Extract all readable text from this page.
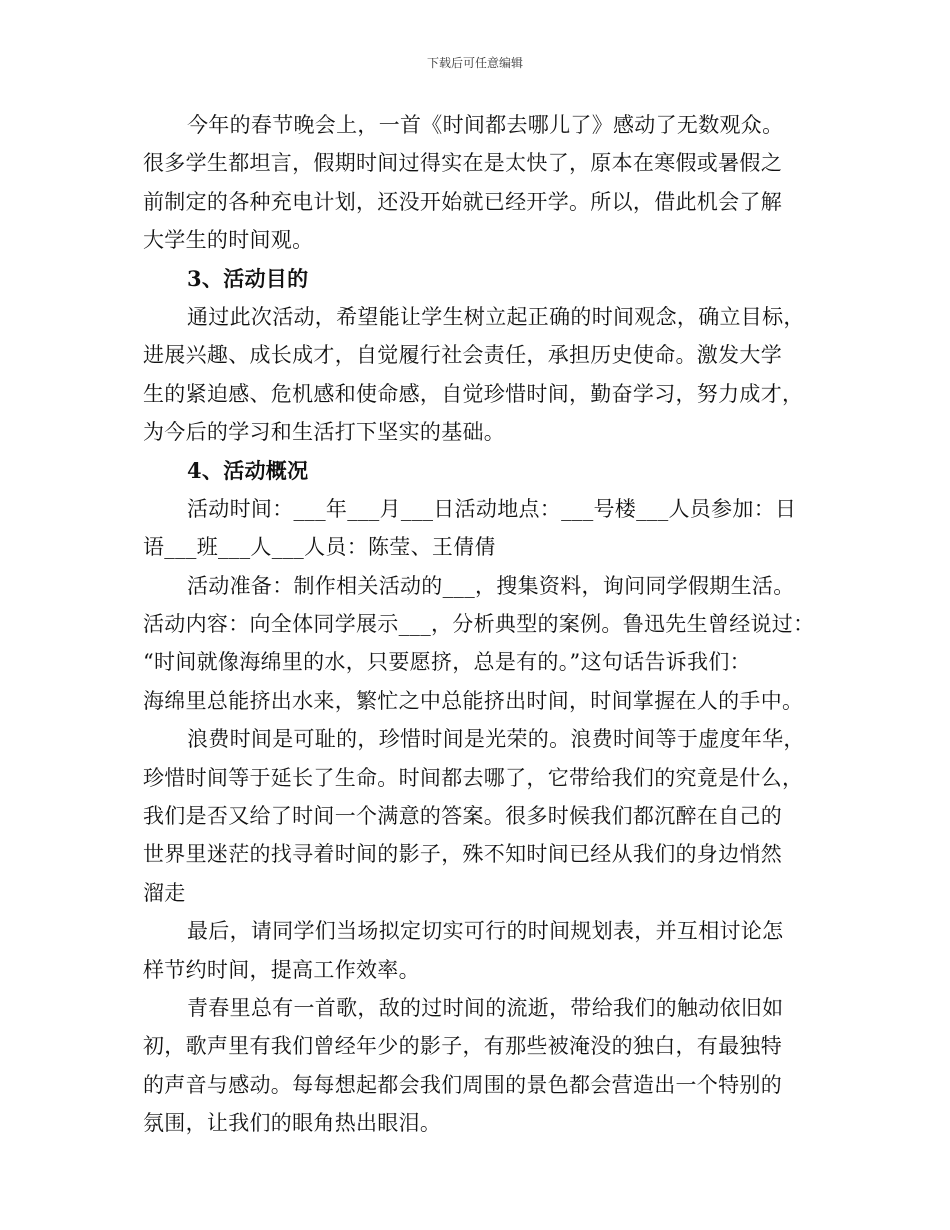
下载后可任意编辑
今年的春节晚会上，一首《时间都去哪儿了》感动了无数观众。
很多学生都坦言，假期时间过得实在是太快了，原本在寒假或暑假之
前制定的各种充电计划，还没开始就已经开学。所以，借此机会了解
大学生的时间观。
3、活动目的
通过此次活动，希望能让学生树立起正确的时间观念，确立目标，
进展兴趣、成长成才，自觉履行社会责任，承担历史使命。激发大学
生的紧迫感、危机感和使命感，自觉珍惜时间，勤奋学习，努力成才，
为今后的学习和生活打下坚实的基础。
4、活动概况
活动时间：___年___月___日活动地点：___号楼___人员参加：日
语___班___人___人员：陈莹、王倩倩
活动准备：制作相关活动的___，搜集资料，询问同学假期生活。
活动内容：向全体同学展示___，分析典型的案例。鲁迅先生曾经说过：
“时间就像海绵里的水，只要愿挤，总是有的。”这句话告诉我们：
海绵里总能挤出水来，繁忙之中总能挤出时间，时间掌握在人的手中。
浪费时间是可耻的，珍惜时间是光荣的。浪费时间等于虚度年华，
珍惜时间等于延长了生命。时间都去哪了，它带给我们的究竟是什么，
我们是否又给了时间一个满意的答案。很多时候我们都沉醉在自己的
世界里迷茫的找寻着时间的影子，殊不知时间已经从我们的身边悄然
溜走
最后，请同学们当场拟定切实可行的时间规划表，并互相讨论怎
样节约时间，提高工作效率。
青春里总有一首歌，敌的过时间的流逝，带给我们的触动依旧如
初，歌声里有我们曾经年少的影子，有那些被淹没的独白，有最独特
的声音与感动。每每想起都会我们周围的景色都会营造出一个特别的
氛围，让我们的眼角热出眼泪。
